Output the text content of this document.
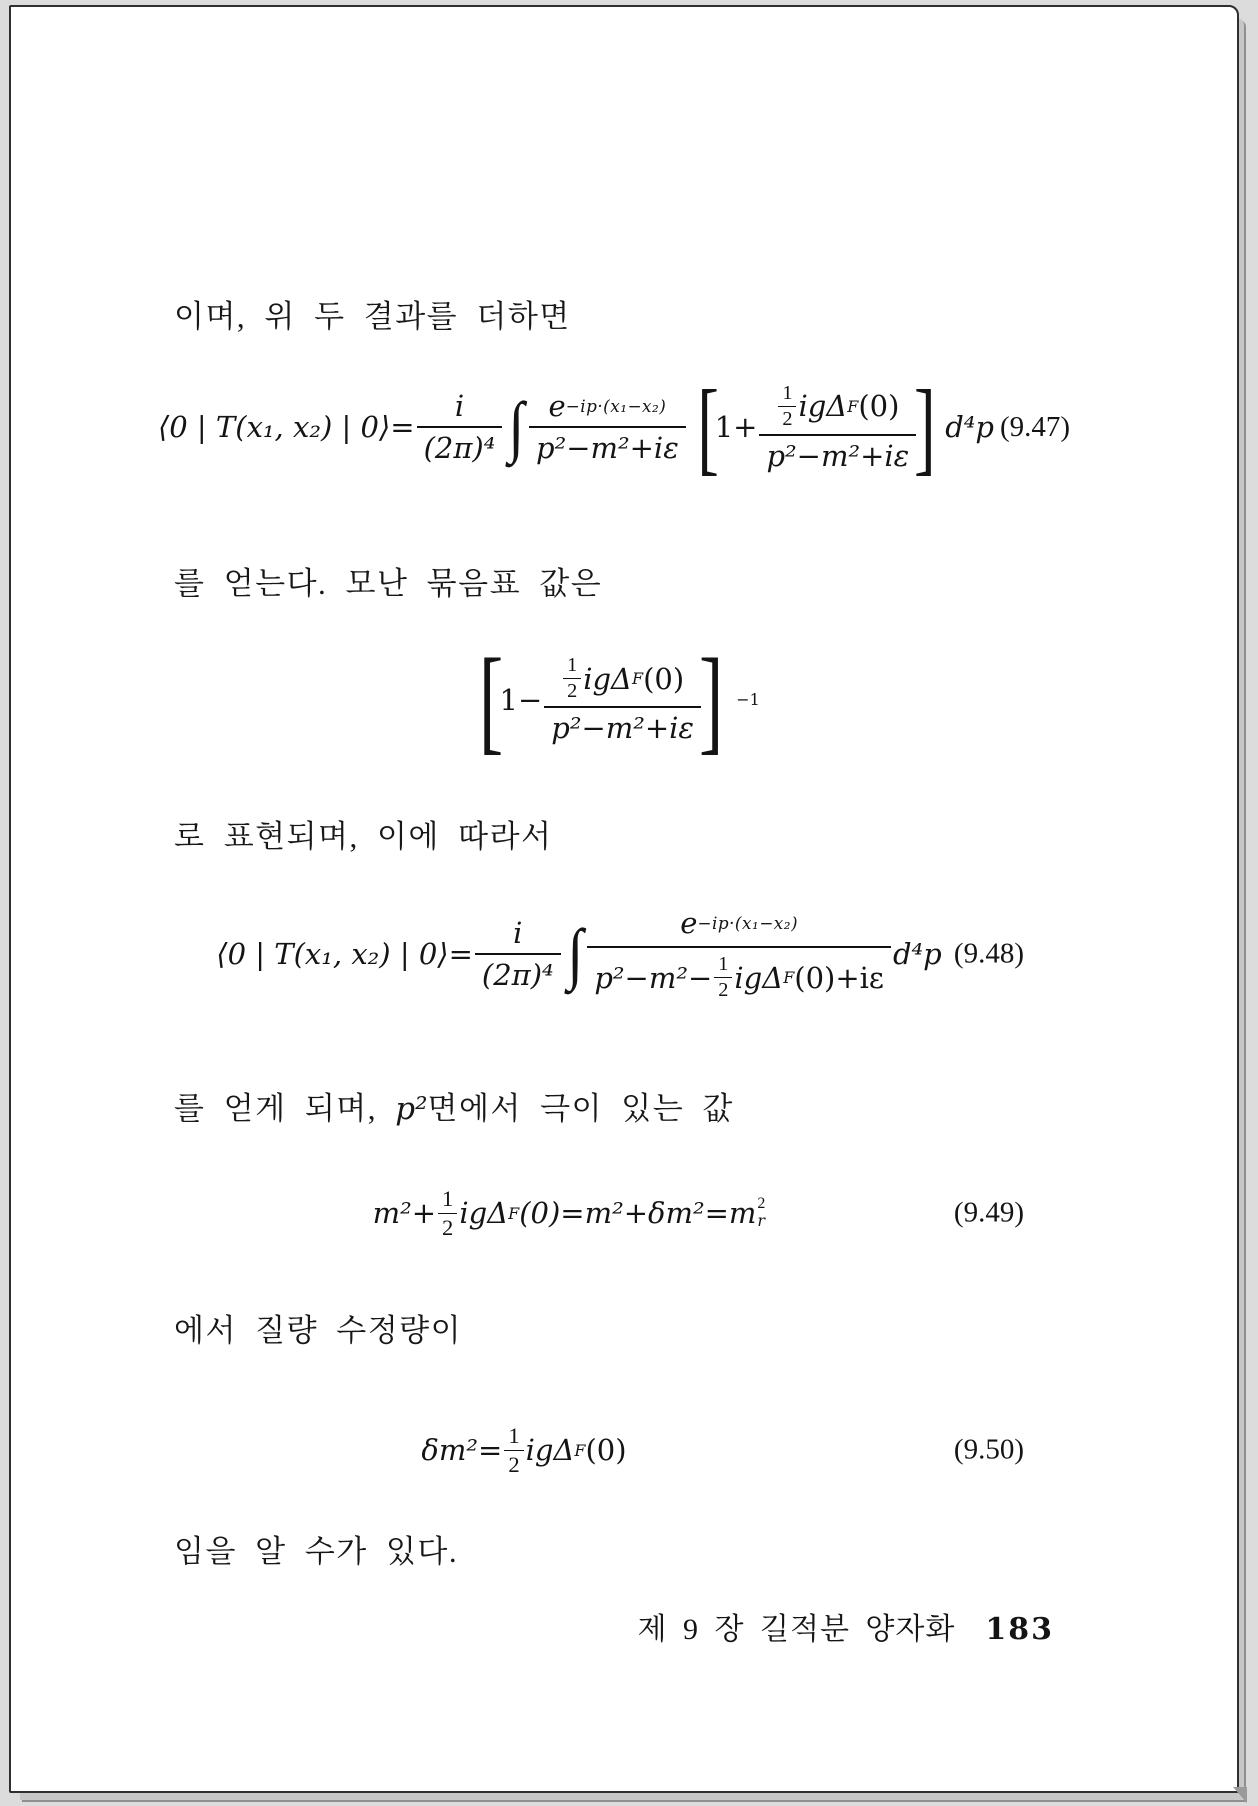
이며, 위 두 결과를 더하면
⟨0 | T(x₁, x₂) | 0⟩= $\frac{i}{\text{(2π)⁴}}$ ∫ $\frac{\text{e −ip·(x₁−x₂)}}{\text{p²−m²+iε}}$ [
$1+ \frac{\frac{1}{2} ig\Delta F (0)}{\text{p²−m²+iε}}$
] d⁴p (9.47)
를 얻는다. 모난 묶음표 값은
[
$1- \frac{\frac{1}{2} ig\Delta F (0)}{\text{p²−m²+iε}}$
] −1
로 표현되며, 이에 따라서
⟨0 | T(x₁, x₂) | 0⟩= $\frac{i}{\text{(2π)⁴}}$ ∫	e −ip·(x₁−x₂)
$p^2-m^2- \frac{1}{2}$ igΔ F (0)+iε
d⁴p (9.48)
를 얻게 되며, p²면에서 극이 있는 값
$m^2+ \frac{1}{2}$ igΔ F (0)=m²+δm²=m 2
r	(9.49)
에서 질량 수정량이
$\delta m^2= \frac{1}{2}$ igΔ F (0)	(9.50)
임을 알 수가 있다.
제 9 장 길적분 양자화 183
